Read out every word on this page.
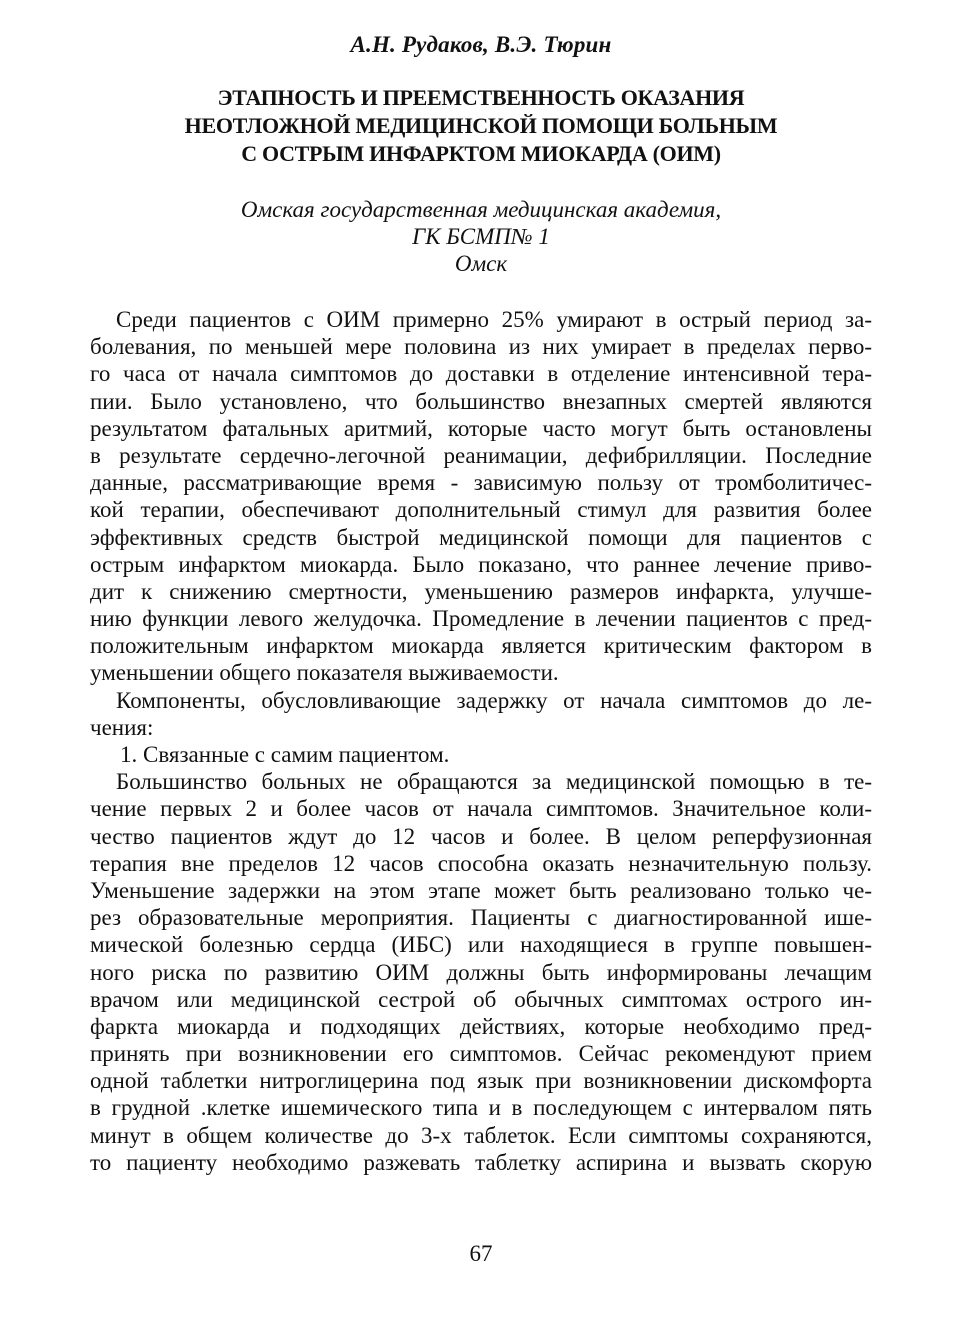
А.Н. Рудаков, В.Э. Тюрин
ЭТАПНОСТЬ И ПРЕЕМСТВЕННОСТЬ ОКАЗАНИЯ
НЕОТЛОЖНОЙ МЕДИЦИНСКОЙ ПОМОЩИ БОЛЬНЫМ
С ОСТРЫМ ИНФАРКТОМ МИОКАРДА (ОИМ)
Омская государственная медицинская академия,
ГК БСМП№ 1
Омск
Среди пациентов с ОИМ примерно 25% умирают в острый период за-
болевания, по меньшей мере половина из них умирает в пределах перво-
го часа от начала симптомов до доставки в отделение интенсивной тера-
пии. Было установлено, что большинство внезапных смертей являются
результатом фатальных аритмий, которые часто могут быть остановлены
в результате сердечно-легочной реанимации, дефибрилляции. Последние
данные, рассматривающие время - зависимую пользу от тромболитичес-
кой терапии, обеспечивают дополнительный стимул для развития более
эффективных средств быстрой медицинской помощи для пациентов с
острым инфарктом миокарда. Было показано, что раннее лечение приво-
дит к снижению смертности, уменьшению размеров инфаркта, улучше-
нию функции левого желудочка. Промедление в лечении пациентов с пред-
положительным инфарктом миокарда является критическим фактором в
уменьшении общего показателя выживаемости.
Компоненты, обусловливающие задержку от начала симптомов до ле-
чения:
1. Связанные с самим пациентом.
Большинство больных не обращаются за медицинской помощью в те-
чение первых 2 и более часов от начала симптомов. Значительное коли-
чество пациентов ждут до 12 часов и более. В целом реперфузионная
терапия вне пределов 12 часов способна оказать незначительную пользу.
Уменьшение задержки на этом этапе может быть реализовано только че-
рез образовательные мероприятия. Пациенты с диагностированной ише-
мической болезнью сердца (ИБС) или находящиеся в группе повышен-
ного риска по развитию ОИМ должны быть информированы лечащим
врачом или медицинской сестрой об обычных симптомах острого ин-
фаркта миокарда и подходящих действиях, которые необходимо пред-
принять при возникновении его симптомов. Сейчас рекомендуют прием
одной таблетки нитроглицерина под язык при возникновении дискомфорта
в грудной .клетке ишемического типа и в последующем с интервалом пять
минут в общем количестве до 3-х таблеток. Если симптомы сохраняются,
то пациенту необходимо разжевать таблетку аспирина и вызвать скорую
67
